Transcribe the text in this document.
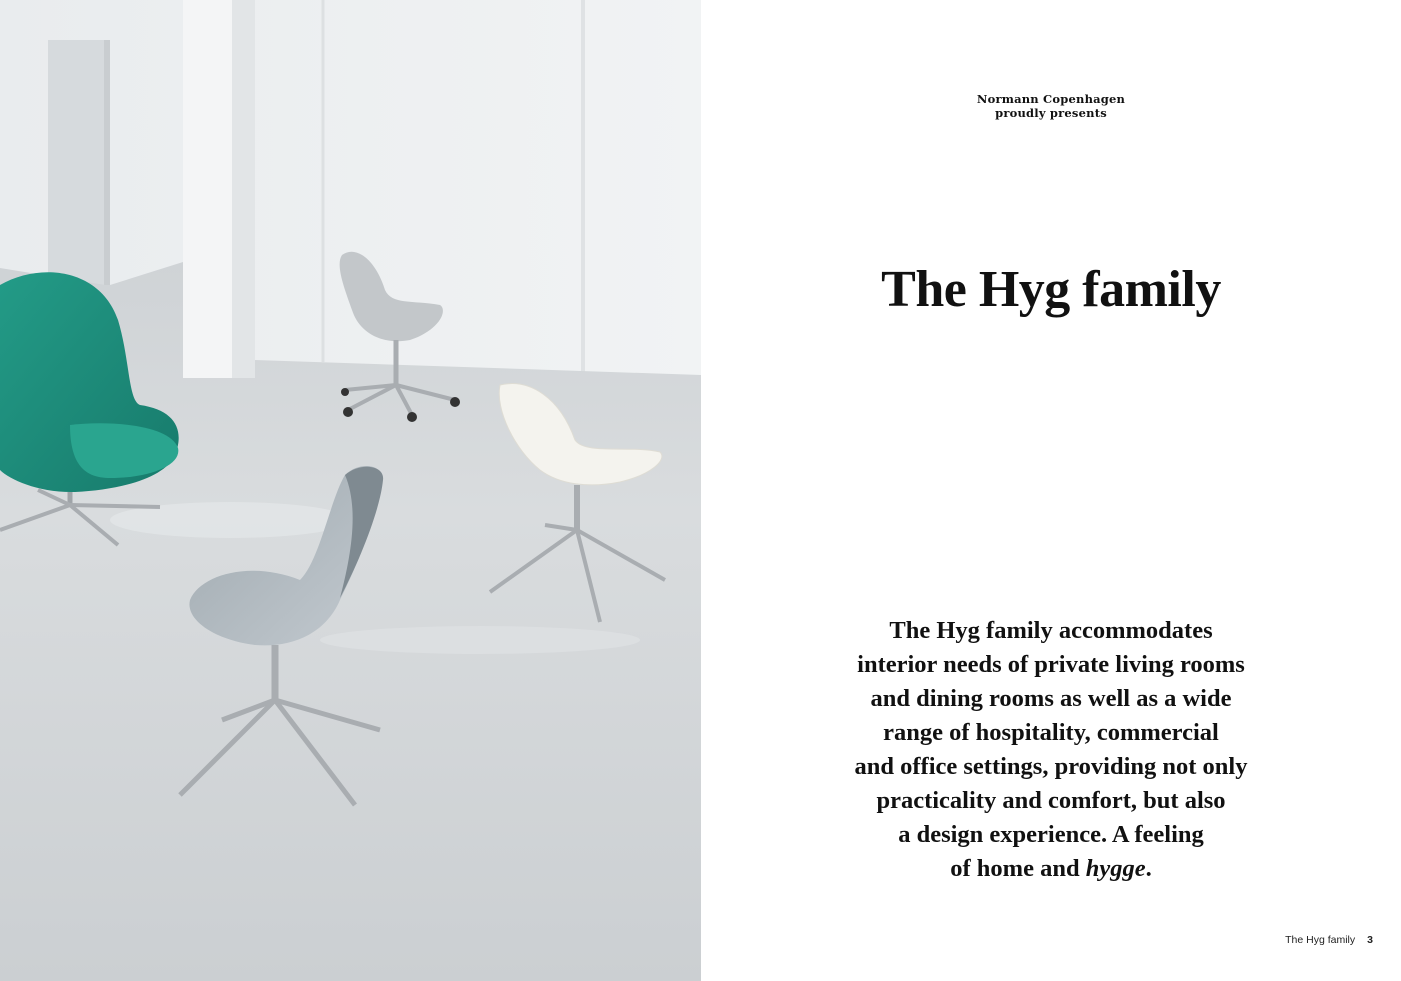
Normann Copenhagen
proudly presents
The Hyg family

The Hyg family accommodates
interior needs of private living rooms
and dining rooms as well as a wide
range of hospitality, commercial
and office settings, providing not only
practicality and comfort, but also
a design experience. A feeling
of home and hygge.

The Hyg family 3
